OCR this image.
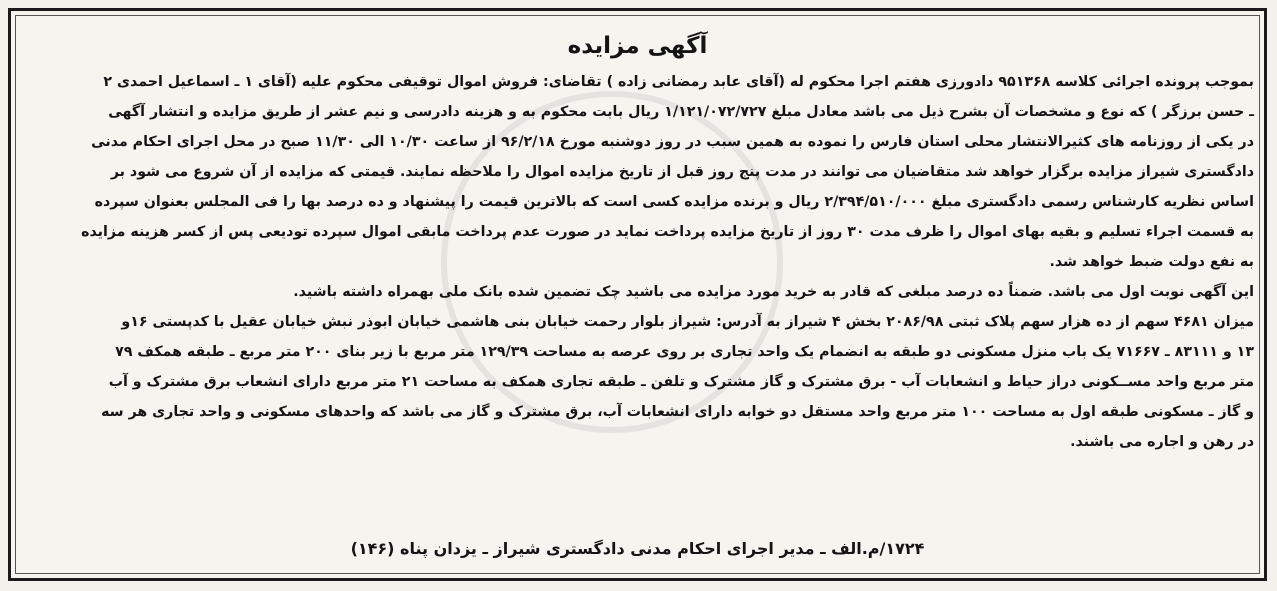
آگهی مزایده
بموجب پرونده اجرائی کلاسه ۹۵۱۳۶۸ دادورزی هفتم اجرا محکوم له (آقای عابد رمضانی زاده ) تقاضای: فروش اموال توقیفی محکوم علیه (آقای ۱ ـ اسماعیل احمدی ۲
ـ حسن برزگر ) که نوع و مشخصات آن بشرح ذیل می باشد معادل مبلغ ۱/۱۲۱/۰۷۲/۷۲۷ ریال بابت محکوم به و هزینه دادرسی و نیم عشر از طریق مزایده و انتشار آگهی
در یکی از روزنامه های کثیرالانتشار محلی استان فارس را نموده به همین سبب در روز دوشنبه مورخ ۹۶/۲/۱۸ از ساعت ۱۰/۳۰ الی ۱۱/۳۰ صبح در محل اجرای احکام مدنی
دادگستری شیراز مزایده برگزار خواهد شد متقاضیان می توانند در مدت پنج روز قبل از تاریخ مزایده اموال را ملاحظه نمایند. قیمتی که مزایده از آن شروع می شود بر
اساس نظریه کارشناس رسمی دادگستری مبلغ ۲/۳۹۴/۵۱۰/۰۰۰ ریال و برنده مزایده کسی است که بالاترین قیمت را پیشنهاد و ده درصد بها را فی المجلس بعنوان سپرده
به قسمت اجراء تسلیم و بقیه بهای اموال را ظرف مدت ۳۰ روز از تاریخ مزایده پرداخت نماید در صورت عدم پرداخت مابقی اموال سپرده تودیعی پس از کسر هزینه مزایده
به نفع دولت ضبط خواهد شد.
این آگهی نوبت اول می باشد. ضمناً ده درصد مبلغی که قادر به خرید مورد مزایده می باشید چک تضمین شده بانک ملی بهمراه داشته باشید.
میزان ۴۶۸۱ سهم از ده هزار سهم پلاک ثبتی ۲۰۸۶/۹۸ بخش ۴ شیراز به آدرس: شیراز بلوار رحمت خیابان بنی هاشمی خیابان ابوذر نبش خیابان عقیل با کدپستی ۱۶و
۱۳ و ۸۳۱۱۱ ـ ۷۱۶۶۷ یک باب منزل مسکونی دو طبقه به انضمام یک واحد تجاری بر روی عرصه به مساحت ۱۲۹/۳۹ متر مربع با زیر بنای ۲۰۰ متر مربع ـ طبقه همکف ۷۹
متر مربع واحد مســکونی دراز حیاط و انشعابات آب - برق مشترک و گاز مشترک و تلفن ـ طبقه تجاری همکف به مساحت ۲۱ متر مربع دارای انشعاب برق مشترک و آب
و گاز ـ مسکونی طبقه اول به مساحت ۱۰۰ متر مربع واحد مستقل دو خوابه دارای انشعابات آب، برق مشترک و گاز می باشد که واحدهای مسکونی و واحد تجاری هر سه
در رهن و اجاره می باشند.
۱۷۲۴/م.الف ـ مدیر اجرای احکام مدنی دادگستری شیراز ـ یزدان پناه (۱۴۶)
